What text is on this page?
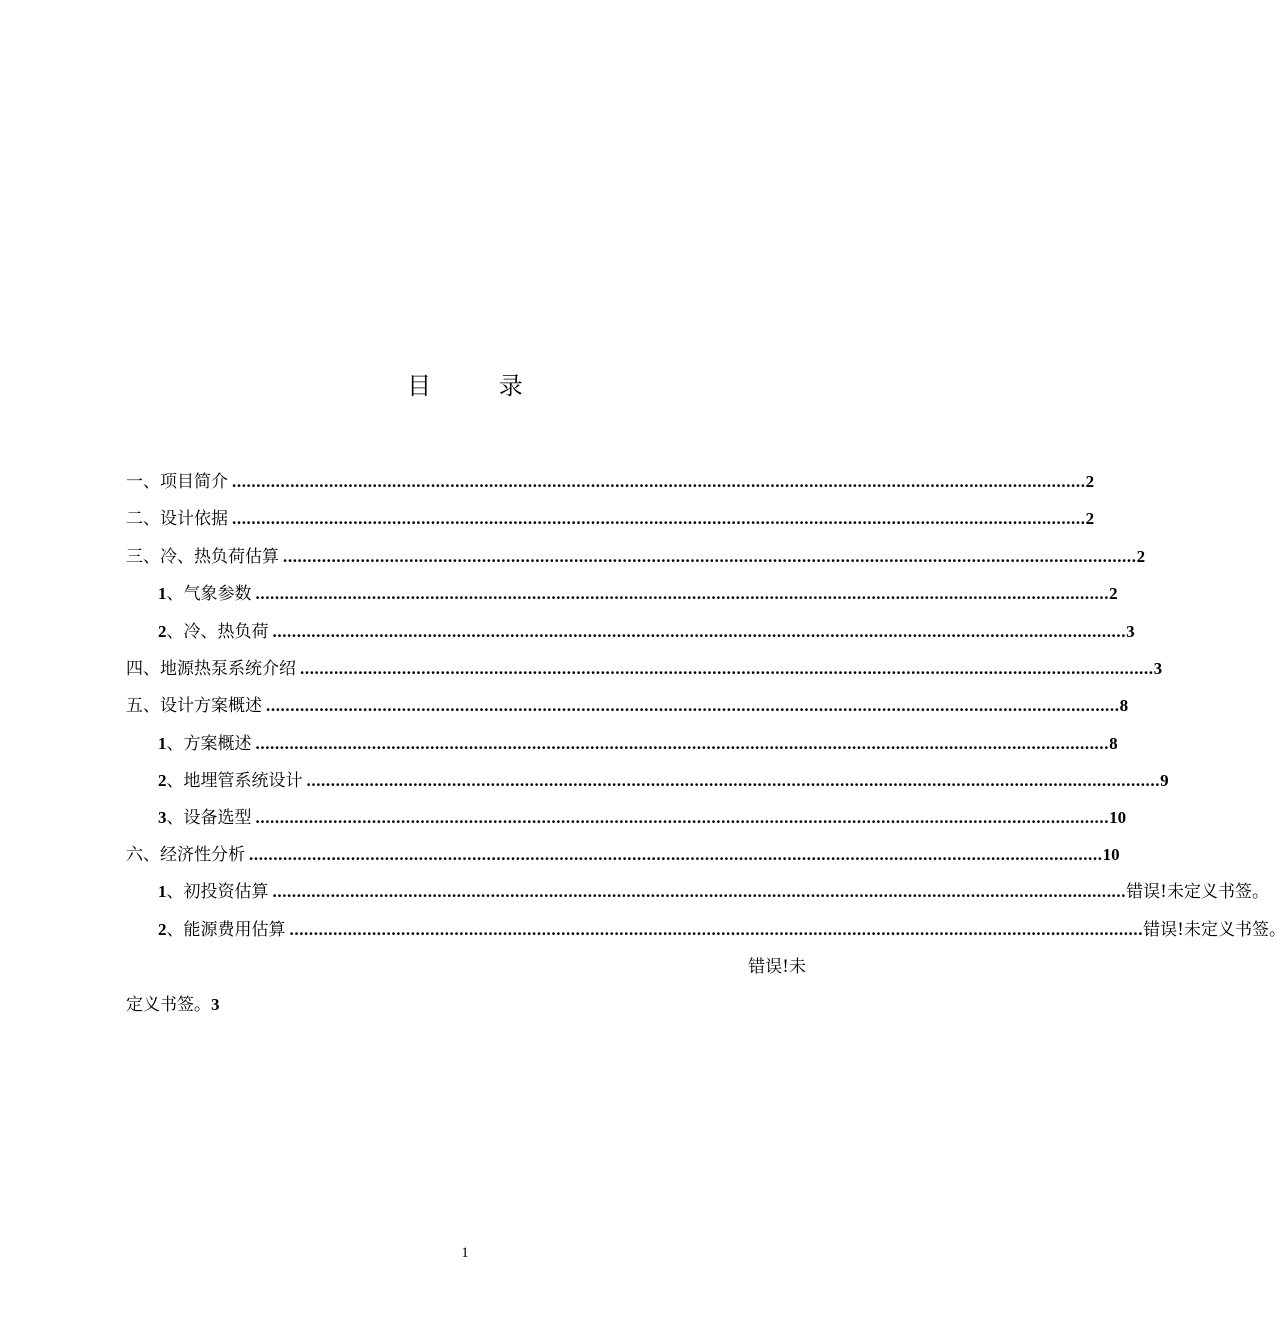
目 录
一、项目简介 ................................................................................................................................................................................ 2
二、设计依据 ................................................................................................................................................................................ 2
三、冷、热负荷估算 ................................................................................................................................................................................ 2
1 、气象参数 ................................................................................................................................................................................ 2
2 、冷、热负荷 ................................................................................................................................................................................ 3
四、地源热泵系统介绍 ................................................................................................................................................................................ 3
五、设计方案概述 ................................................................................................................................................................................ 8
1 、方案概述 ................................................................................................................................................................................ 8
2 、地埋管系统设计 ................................................................................................................................................................................ 9
3 、设备选型 ................................................................................................................................................................................ 10
六、经济性分析 ................................................................................................................................................................................ 10
1 、初投资估算 ................................................................................................................................................................................ 错误!未定义书签。
2 、能源费用估算 ................................................................................................................................................................................ 错误!未定义书签。
错误!未
定义书签。3
1
